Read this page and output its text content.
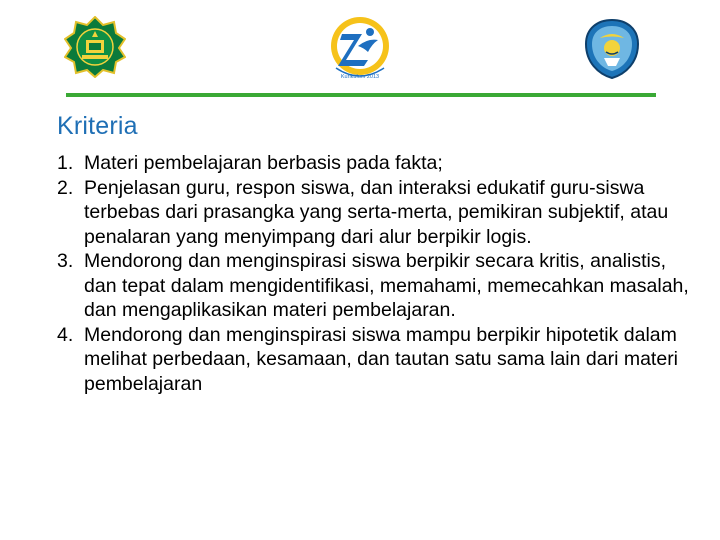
Kurikulum 2013
Kriteria
1. Materi pembelajaran berbasis pada fakta;
2. Penjelasan guru, respon siswa, dan interaksi edukatif guru-siswa terbebas dari prasangka yang serta-merta, pemikiran subjektif, atau penalaran yang menyimpang dari alur berpikir logis.
3. Mendorong dan menginspirasi siswa berpikir secara kritis, analistis, dan tepat dalam mengidentifikasi, memahami, memecahkan masalah, dan mengaplikasikan materi pembelajaran.
4. Mendorong dan menginspirasi siswa mampu berpikir hipotetik dalam melihat perbedaan, kesamaan, dan tautan satu sama lain dari materi pembelajaran
